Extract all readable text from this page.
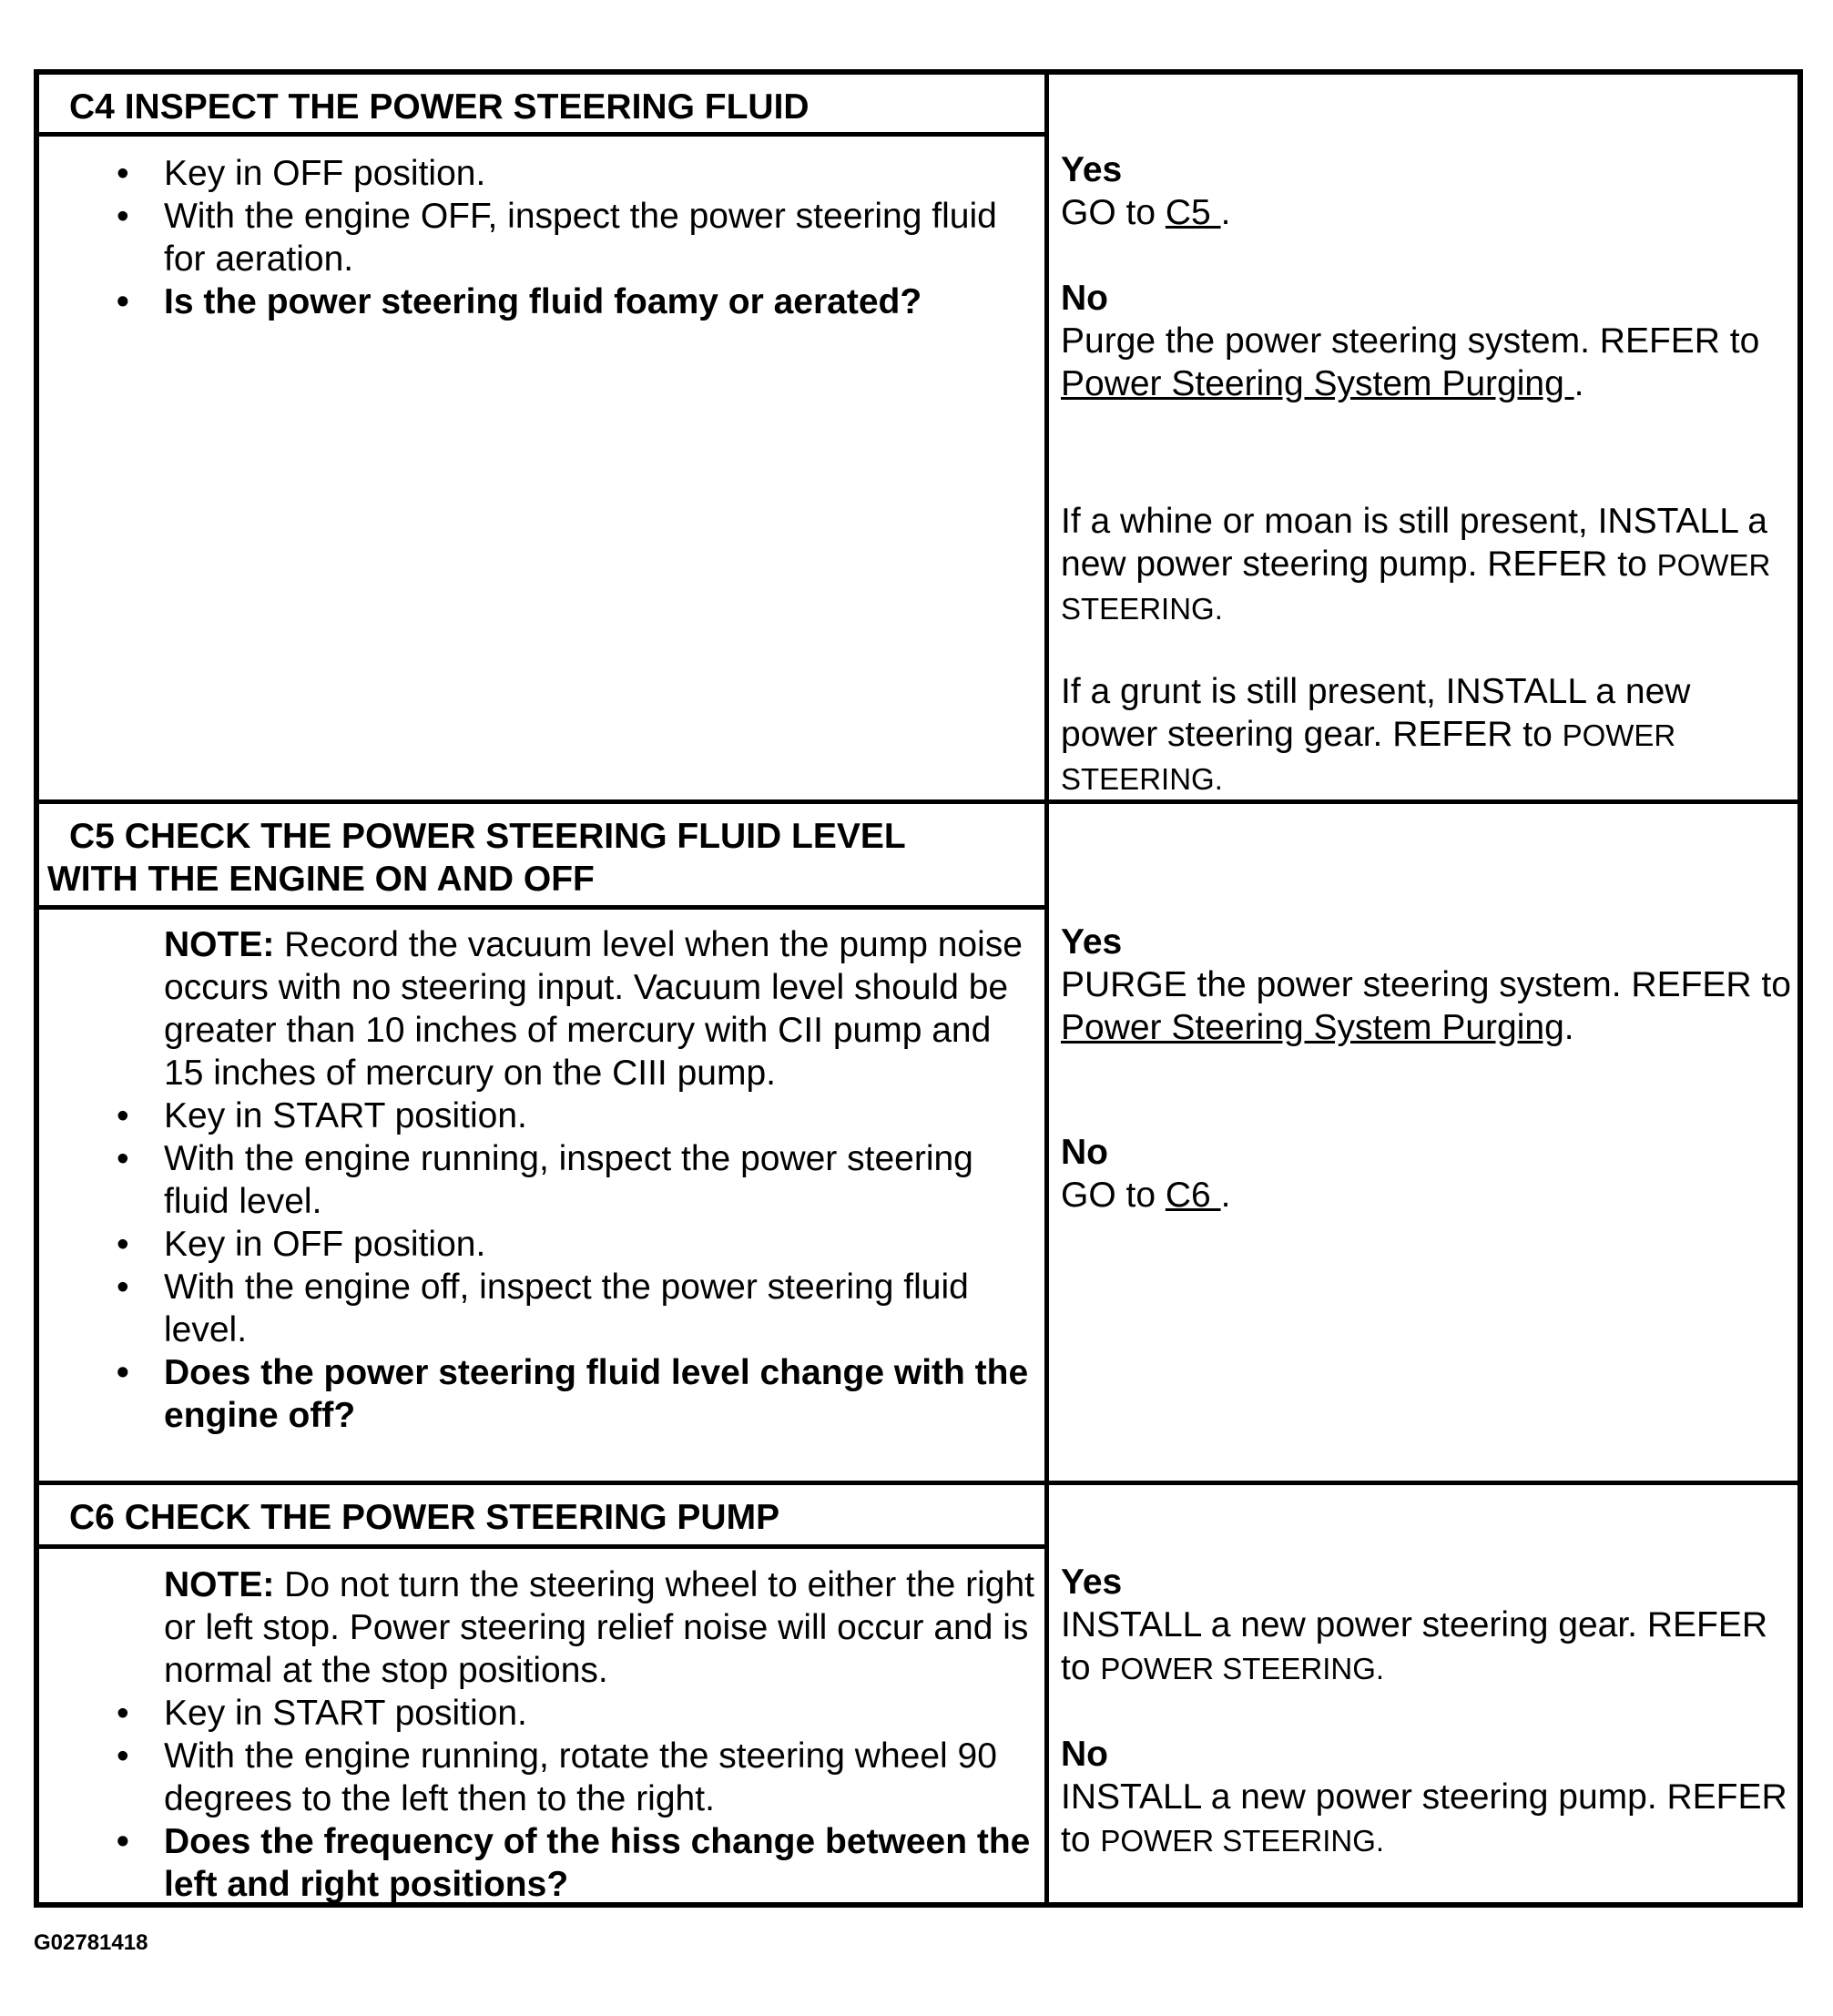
C4 INSPECT THE POWER STEERING FLUID
• Key in OFF position.
• With the engine OFF, inspect the power steering fluid for aeration.
• Is the power steering fluid foamy or aerated?
Yes
GO to C5 .
No
Purge the power steering system. REFER to Power Steering System Purging .
If a whine or moan is still present, INSTALL a new power steering pump. REFER to POWER STEERING.
If a grunt is still present, INSTALL a new power steering gear. REFER to POWER STEERING.
C5 CHECK THE POWER STEERING FLUID LEVEL
WITH THE ENGINE ON AND OFF
NOTE: Record the vacuum level when the pump noise occurs with no steering input. Vacuum level should be greater than 10 inches of mercury with CII pump and 15 inches of mercury on the CIII pump.
• Key in START position.
• With the engine running, inspect the power steering fluid level.
• Key in OFF position.
• With the engine off, inspect the power steering fluid level.
• Does the power steering fluid level change with the engine off?
Yes
PURGE the power steering system. REFER to Power Steering System Purging.
No
GO to C6 .
C6 CHECK THE POWER STEERING PUMP
NOTE: Do not turn the steering wheel to either the right or left stop. Power steering relief noise will occur and is normal at the stop positions.
• Key in START position.
• With the engine running, rotate the steering wheel 90 degrees to the left then to the right.
• Does the frequency of the hiss change between the left and right positions?
Yes
INSTALL a new power steering gear. REFER to POWER STEERING.
No
INSTALL a new power steering pump. REFER to POWER STEERING.
G02781418
